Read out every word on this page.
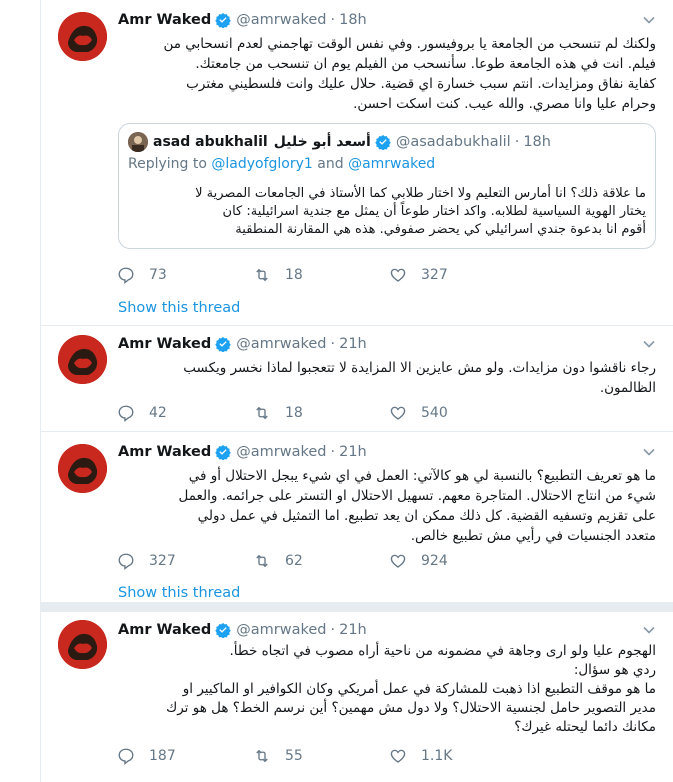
Amr Waked @amrwaked · 18h
ولكنك لم تنسحب من الجامعة يا بروفيسور. وفي نفس الوقت تهاجمني لعدم انسحابي من
فيلم. انت في هذه الجامعة طوعا. سأنسحب من الفيلم يوم ان تنسحب من جامعتك.
كفاية نفاق ومزايدات. انتم سبب خسارة اي قضية. حلال عليك وانت فلسطيني مغترب
وحرام عليا وانا مصري. والله عيب. كنت اسكت احسن.
asad abukhalil أسعد أبو خليل @asadabukhalil · 18h
Replying to @ladyofglory1 and @amrwaked
ما علاقة ذلك؟ انا أمارس التعليم ولا اختار طلابي كما الأستاذ في الجامعات المصرية لا
يختار الهوية السياسية لطلابه. واكد اختار طوعاً أن يمثل مع جندية اسرائيلية: كان
أقوم انا بدعوة جندي اسرائيلي كي يحضر صفوفي. هذه هي المقارنة المنطقية
73	18	327
Show this thread
Amr Waked @amrwaked · 21h
رجاء ناقشوا دون مزايدات. ولو مش عايزين الا المزايدة لا تتعجبوا لماذا نخسر ويكسب
الظالمون.
42	18	540
Amr Waked @amrwaked · 21h
ما هو تعريف التطبيع؟ بالنسبة لي هو كالآتي: العمل في اي شيء يبجل الاحتلال أو في
شيء من انتاج الاحتلال. المتاجرة معهم. تسهيل الاحتلال او التستر على جرائمه. والعمل
على تقزيم وتسفيه القضية. كل ذلك ممكن ان يعد تطبيع. اما التمثيل في عمل دولي
متعدد الجنسيات في رأيي مش تطبيع خالص.
327	62	924
Show this thread
Amr Waked @amrwaked · 21h
الهجوم عليا ولو ارى وجاهة في مضمونه من ناحية أراه مصوب في اتجاه خطأ.
ردي هو سؤال:
ما هو موقف التطبيع اذا ذهبت للمشاركة في عمل أمريكي وكان الكوافير او الماكيير او
مدير التصوير حامل لجنسية الاحتلال؟ ولا دول مش مهمين؟ أين نرسم الخط؟ هل هو ترك
مكانك دائما ليحتله غيرك؟
187	55	1.1K
